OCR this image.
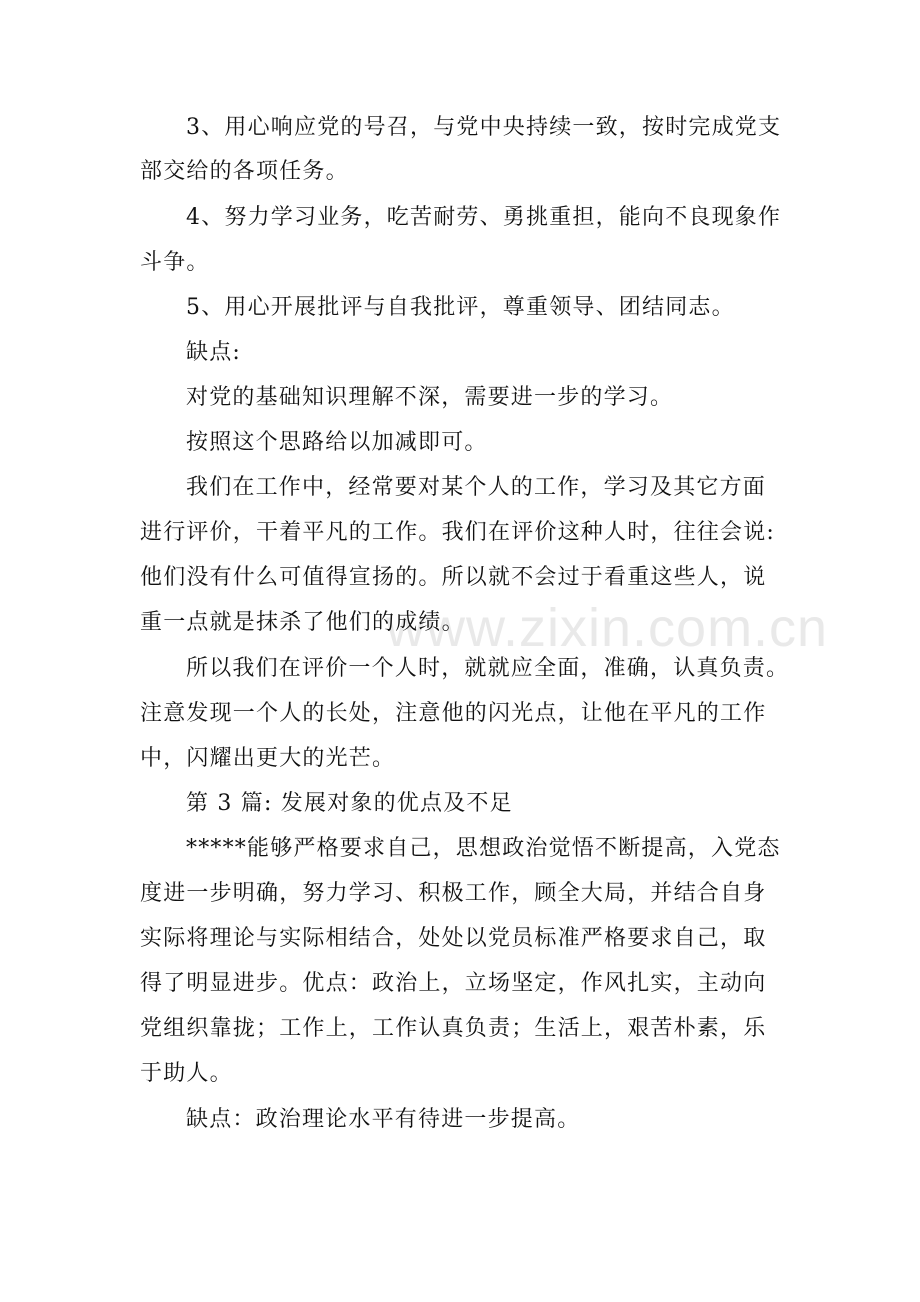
www.zixin.com.cn
3、用心响应党的号召，与党中央持续一致，按时完成党支
部交给的各项任务。
4、努力学习业务，吃苦耐劳、勇挑重担，能向不良现象作
斗争。
5、用心开展批评与自我批评，尊重领导、团结同志。
缺点:
对党的基础知识理解不深，需要进一步的学习。
按照这个思路给以加减即可。
我们在工作中，经常要对某个人的工作，学习及其它方面
进行评价，干着平凡的工作。我们在评价这种人时，往往会说:
他们没有什么可值得宣扬的。所以就不会过于看重这些人，说
重一点就是抹杀了他们的成绩。
所以我们在评价一个人时，就就应全面，准确，认真负责。
注意发现一个人的长处，注意他的闪光点，让他在平凡的工作
中，闪耀出更大的光芒。
第 3 篇: 发展对象的优点及不足
*****能够严格要求自己，思想政治觉悟不断提高，入党态
度进一步明确，努力学习、积极工作，顾全大局，并结合自身
实际将理论与实际相结合，处处以党员标准严格要求自己，取
得了明显进步。优点：政治上，立场坚定，作风扎实，主动向
党组织靠拢；工作上，工作认真负责；生活上，艰苦朴素，乐
于助人。
缺点：政治理论水平有待进一步提高。
